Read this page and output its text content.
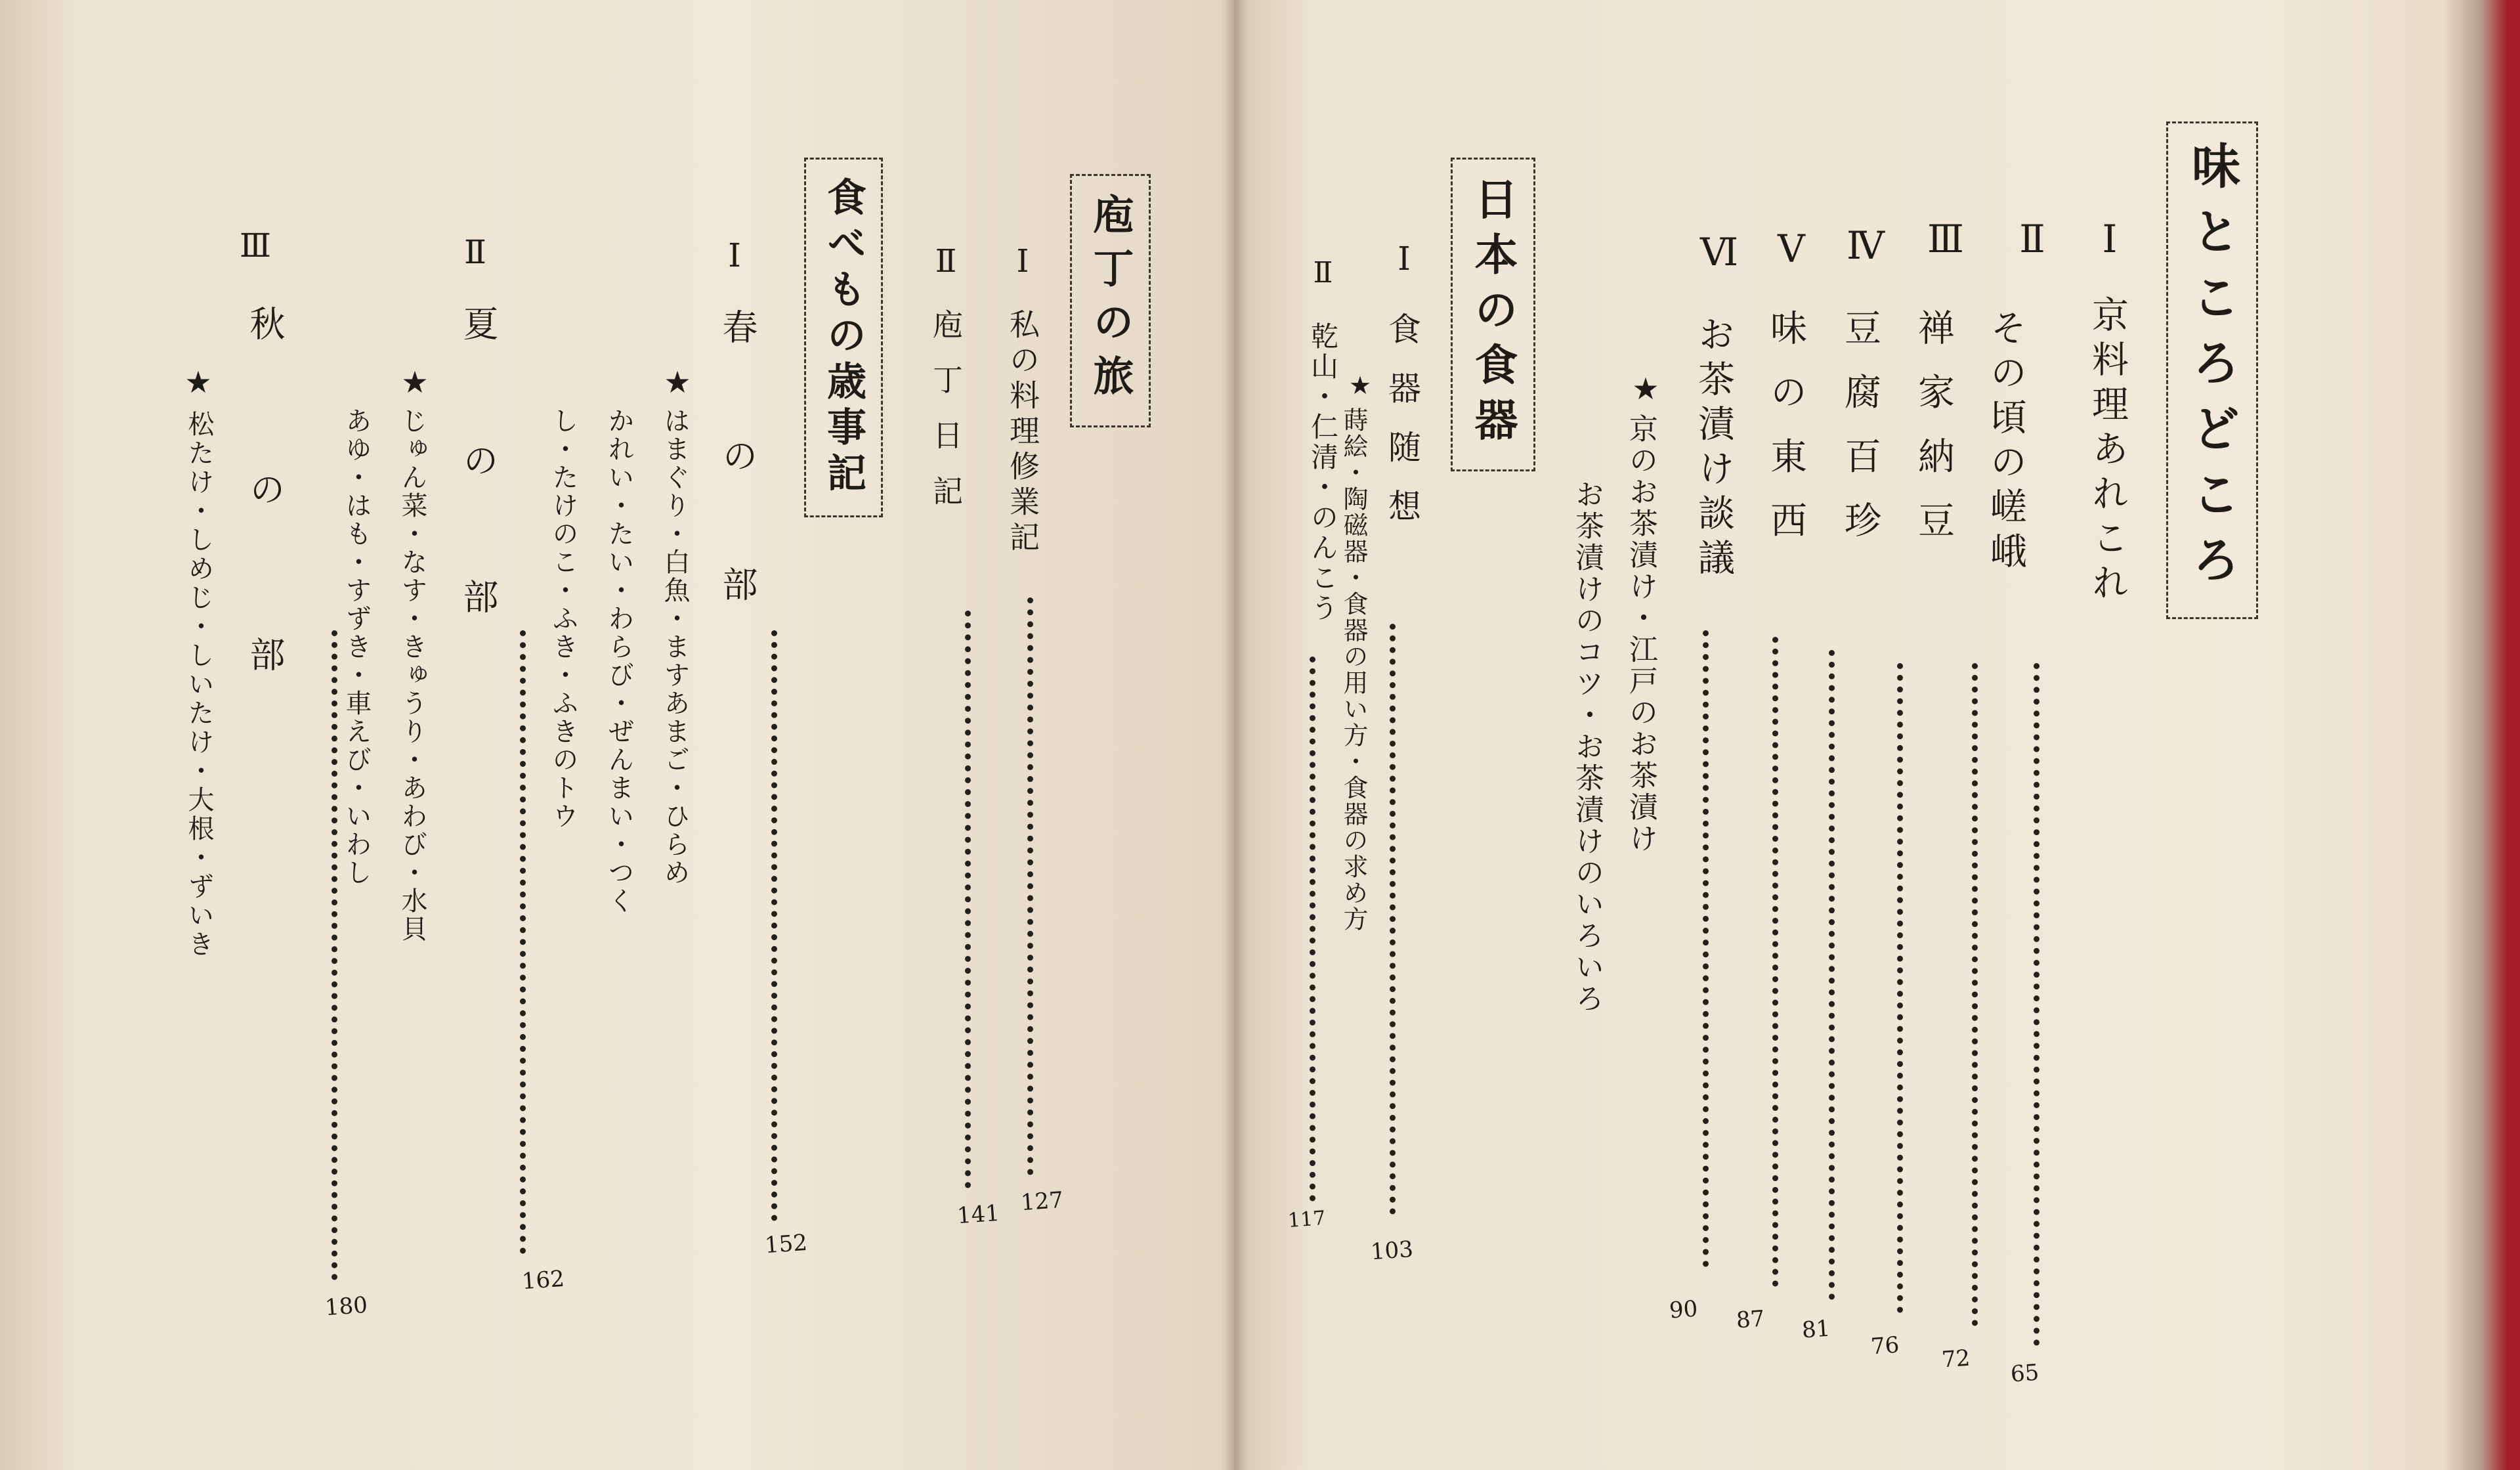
味ところどころ
Ⅰ
京料理あれこれ
65
Ⅱ
その頃の嵯峨
72
Ⅲ
禅 家 納 豆
76
Ⅳ
豆 腐 百 珍
81
Ⅴ
味 の 東 西
87
Ⅵ
お茶漬け談議
90
★
京のお茶漬け・江戸のお茶漬け
お茶漬けのコツ・お茶漬けのいろいろ
日本の食器
Ⅰ
食 器 随 想
103
★
蒔絵・陶磁器・食器の用い方・食器の求め方
Ⅱ
乾山・仁清・のんこう
117
庖丁の旅
Ⅰ
私の料理修業記
127
Ⅱ
庖 丁 日 記
141
食べもの歳事記
Ⅰ
春　の　部
152
★
はまぐり・白魚・ますあまご・ひらめ
かれい・たい・わらび・ぜんまい・つく
し・たけのこ・ふき・ふきのトウ
Ⅱ
夏　の　部
162
★
じゅん菜・なす・きゅうり・あわび・水貝
あゆ・はも・すずき・車えび・いわし
Ⅲ
秋　の　部
180
★
松たけ・しめじ・しいたけ・大根・ずいき
